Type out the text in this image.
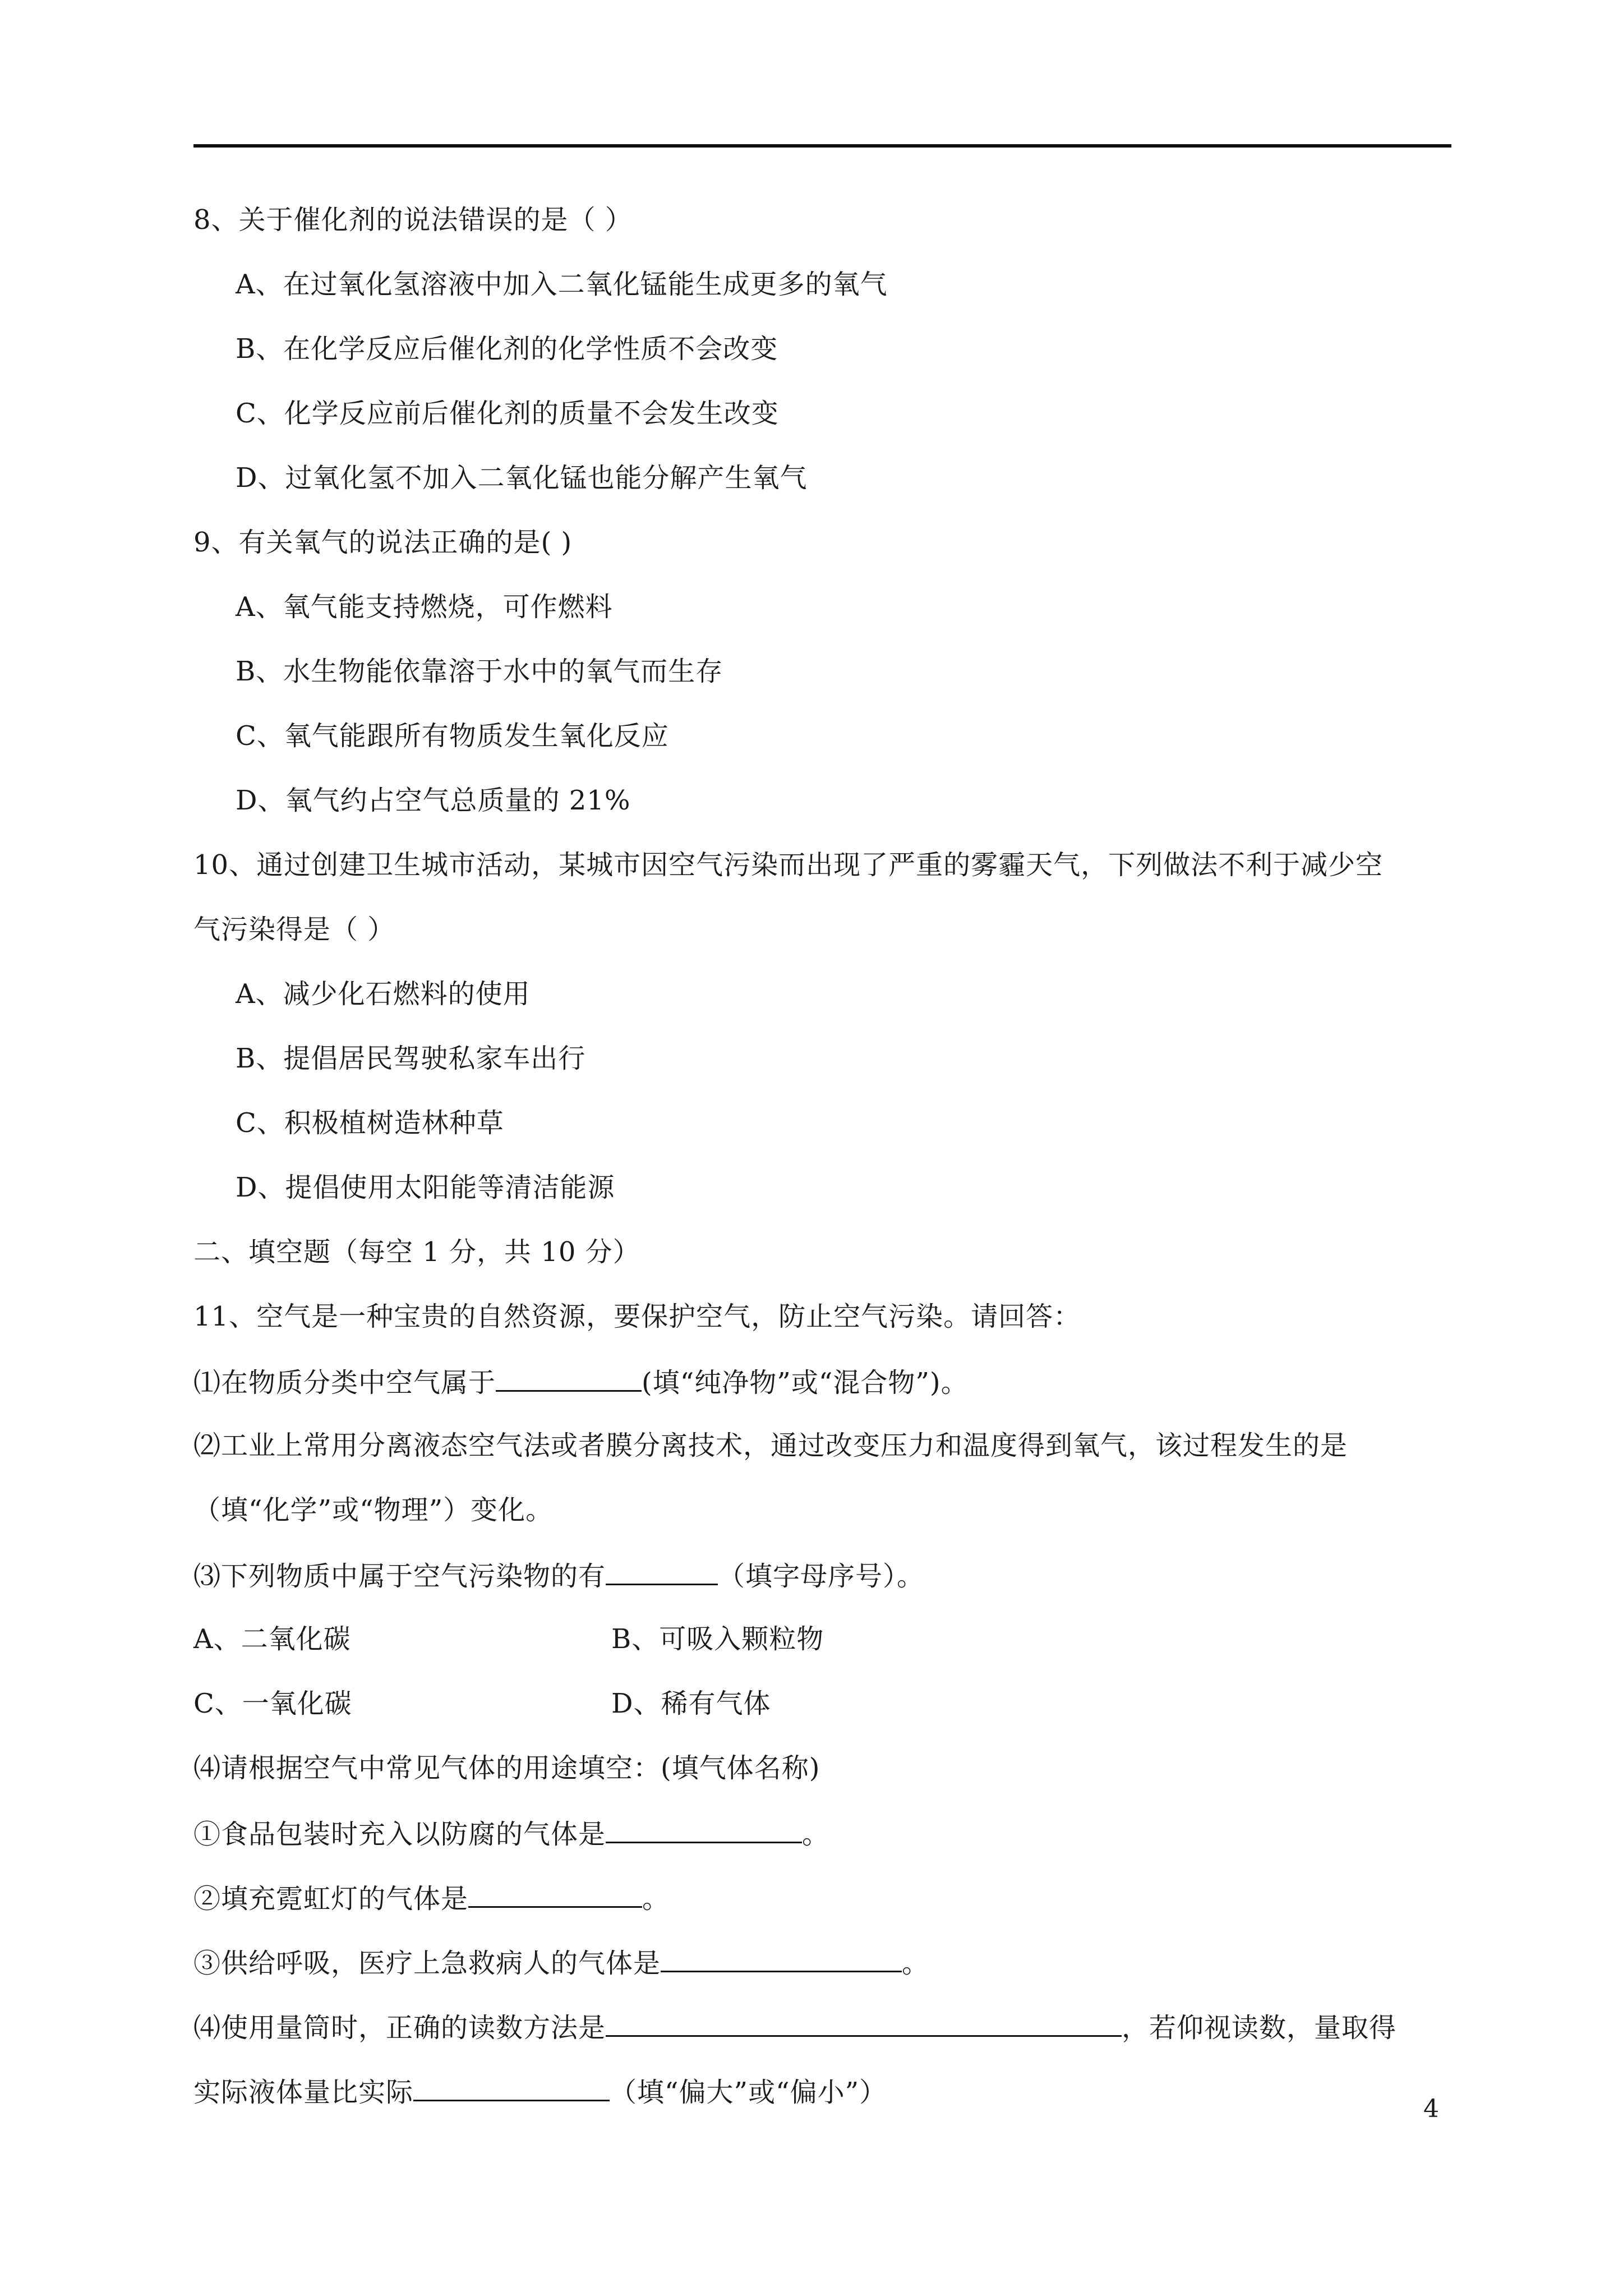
8、关于催化剂的说法错误的是（ ）
A、在过氧化氢溶液中加入二氧化锰能生成更多的氧气
B、在化学反应后催化剂的化学性质不会改变
C、化学反应前后催化剂的质量不会发生改变
D、过氧化氢不加入二氧化锰也能分解产生氧气
9、有关氧气的说法正确的是( )
A、氧气能支持燃烧，可作燃料
B、水生物能依靠溶于水中的氧气而生存
C、氧气能跟所有物质发生氧化反应
D、氧气约占空气总质量的 21%
10、通过创建卫生城市活动，某城市因空气污染而出现了严重的雾霾天气，下列做法不利于减少空
气污染得是（ ）
A、减少化石燃料的使用
B、提倡居民驾驶私家车出行
C、积极植树造林种草
D、提倡使用太阳能等清洁能源
二、填空题（每空 1 分，共 10 分）
11、空气是一种宝贵的自然资源，要保护空气，防止空气污染。请回答：
⑴在物质分类中空气属于	(填“纯净物”或“混合物”)。
⑵工业上常用分离液态空气法或者膜分离技术，通过改变压力和温度得到氧气，该过程发生的是
（填“化学”或“物理”）变化。
⑶下列物质中属于空气污染物的有	（填字母序号）。
A、二氧化碳	B、可吸入颗粒物
C、一氧化碳	D、稀有气体
⑷请根据空气中常见气体的用途填空：(填气体名称)
①食品包装时充入以防腐的气体是	。
②填充霓虹灯的气体是	。
③供给呼吸，医疗上急救病人的气体是	。
⑷使用量筒时，正确的读数方法是	，若仰视读数，量取得
实际液体量比实际	（填“偏大”或“偏小”）
4
